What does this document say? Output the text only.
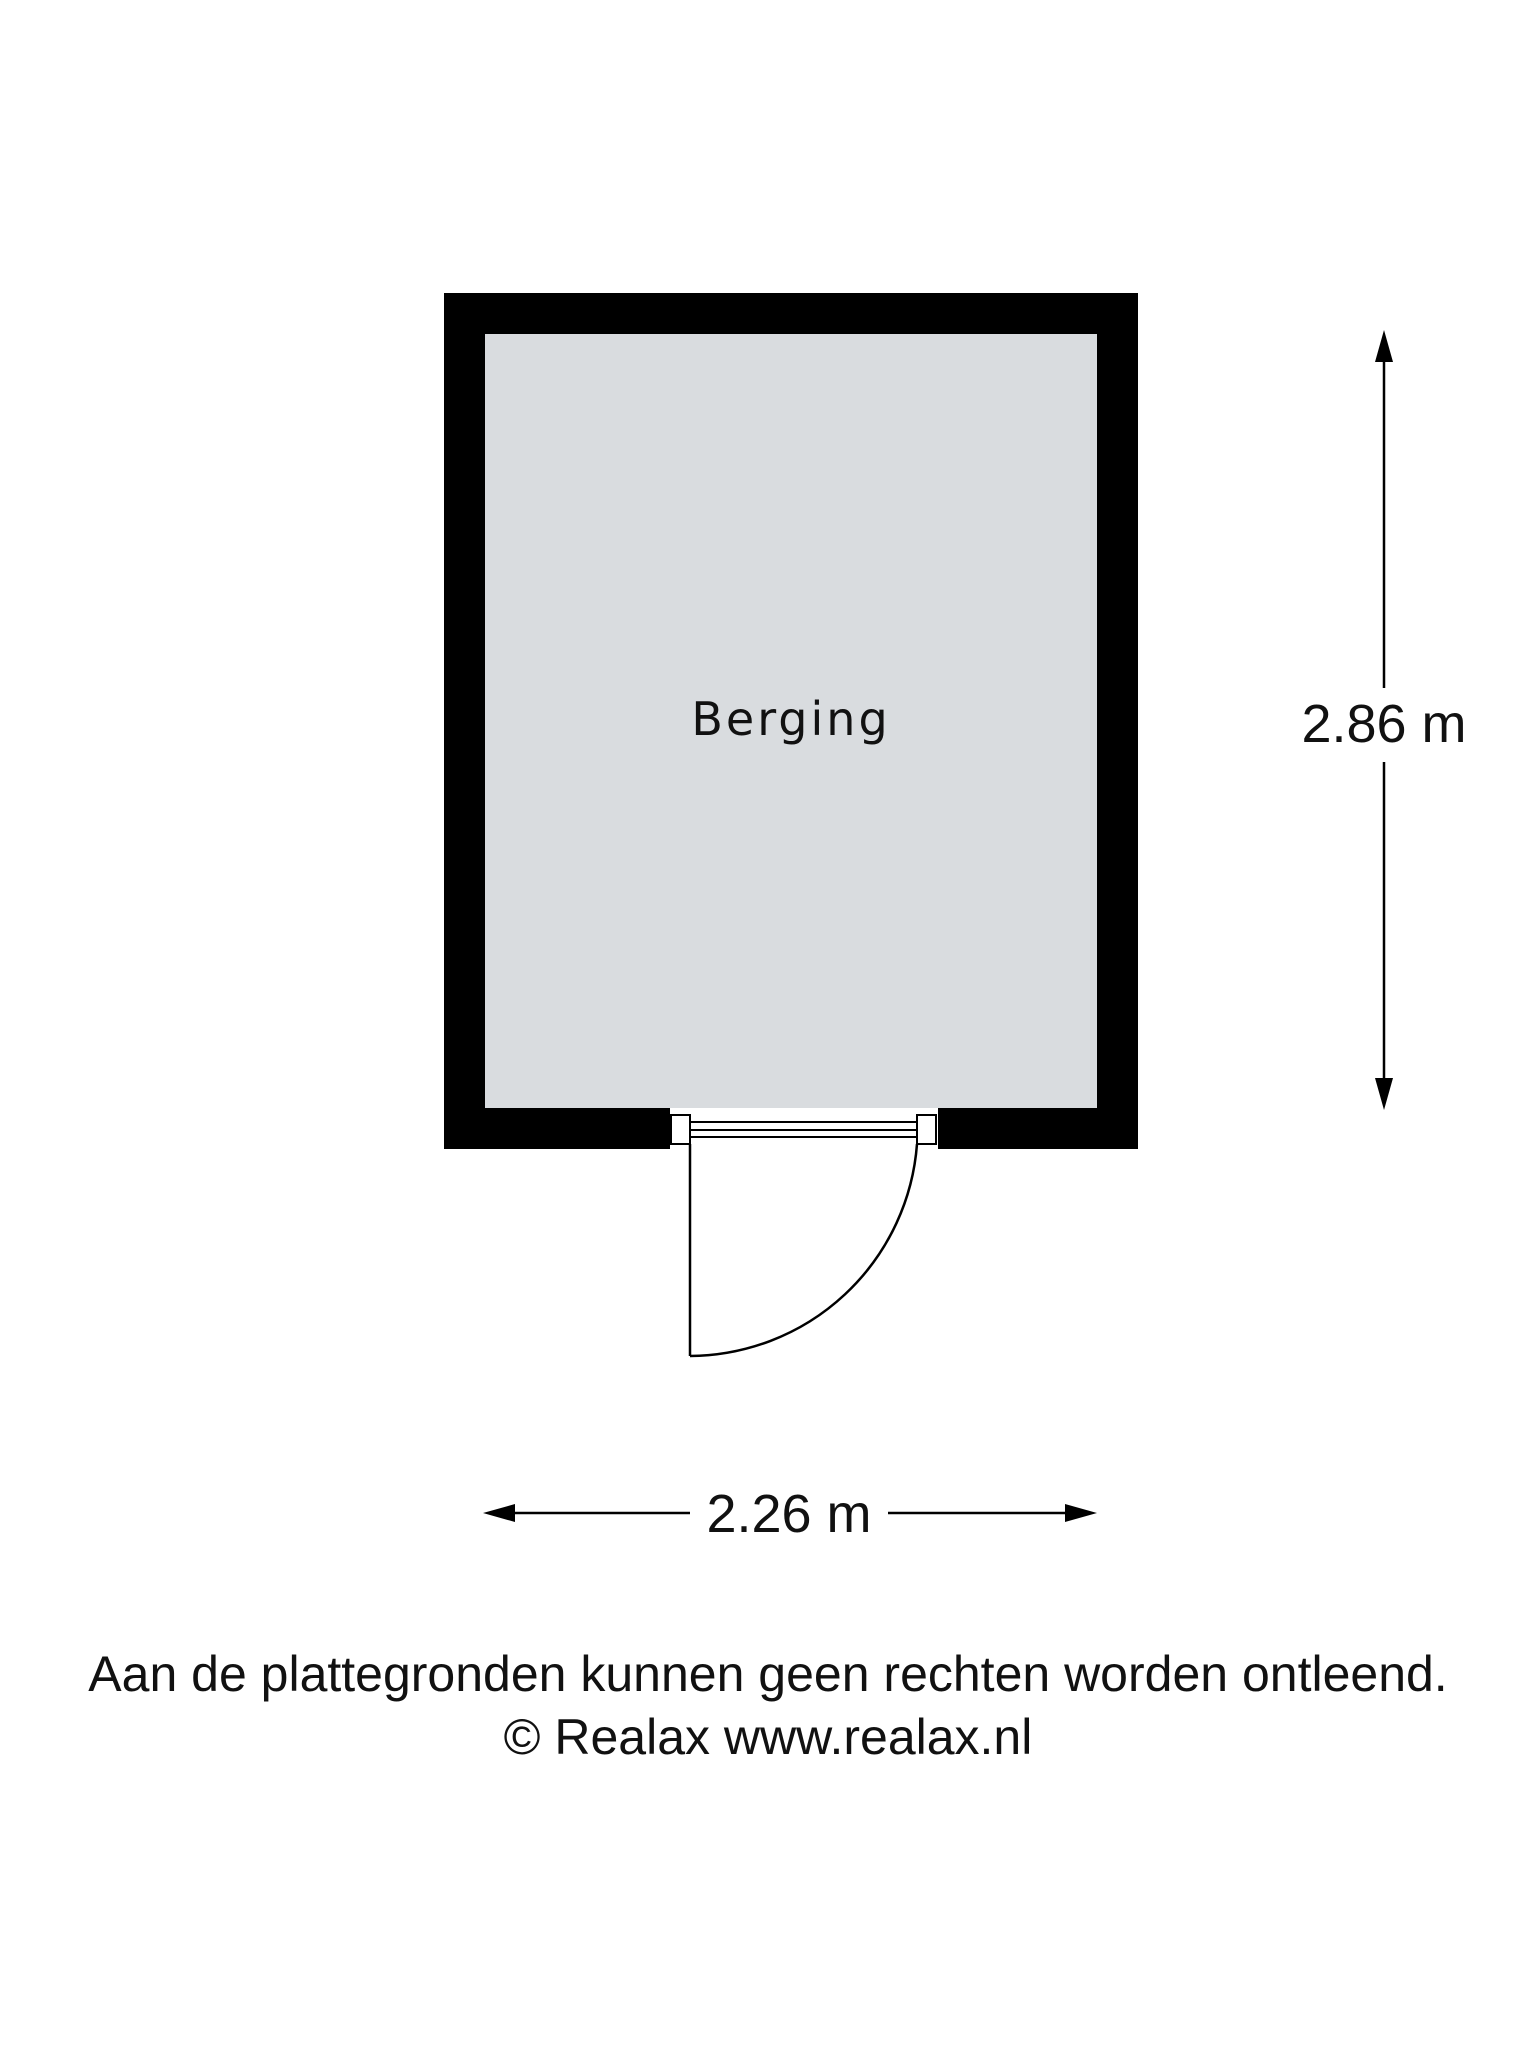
Berging	2.86 m
2.26 m
Aan de plattegronden kunnen geen rechten worden ontleend.
© Realax www.realax.nl
